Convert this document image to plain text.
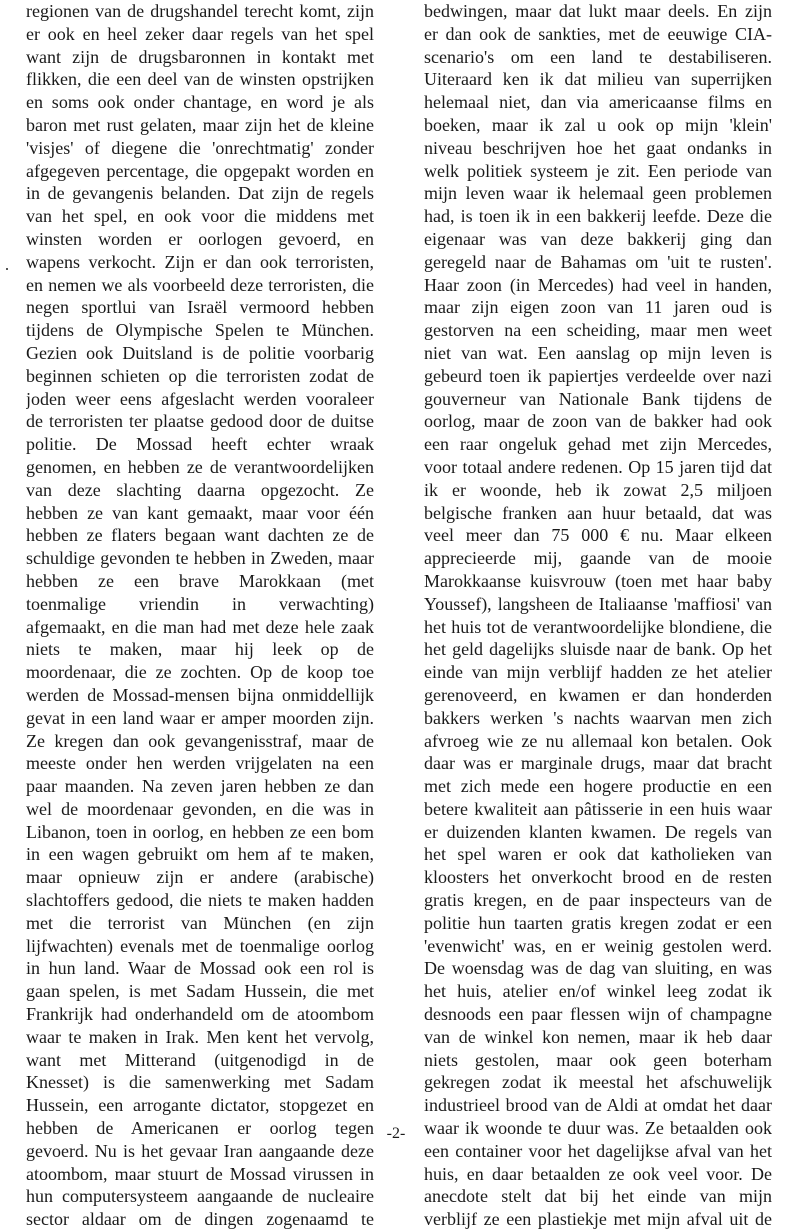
regionen van de drugshandel terecht komt, zijn
er ook en heel zeker daar regels van het spel
want zijn de drugsbaronnen in kontakt met
flikken, die een deel van de winsten opstrijken
en soms ook onder chantage, en word je als
baron met rust gelaten, maar zijn het de kleine
'visjes' of diegene die 'onrechtmatig' zonder
afgegeven percentage, die opgepakt worden en
in de gevangenis belanden. Dat zijn de regels
van het spel, en ook voor die middens met
winsten worden er oorlogen gevoerd, en
wapens verkocht. Zijn er dan ook terroristen,
en nemen we als voorbeeld deze terroristen, die
negen sportlui van Israël vermoord hebben
tijdens de Olympische Spelen te München.
Gezien ook Duitsland is de politie voorbarig
beginnen schieten op die terroristen zodat de
joden weer eens afgeslacht werden vooraleer
de terroristen ter plaatse gedood door de duitse
politie. De Mossad heeft echter wraak
genomen, en hebben ze de verantwoordelijken
van deze slachting daarna opgezocht. Ze
hebben ze van kant gemaakt, maar voor één
hebben ze flaters begaan want dachten ze de
schuldige gevonden te hebben in Zweden, maar
hebben ze een brave Marokkaan (met
toenmalige vriendin in verwachting)
afgemaakt, en die man had met deze hele zaak
niets te maken, maar hij leek op de
moordenaar, die ze zochten. Op de koop toe
werden de Mossad-mensen bijna onmiddellijk
gevat in een land waar er amper moorden zijn.
Ze kregen dan ook gevangenisstraf, maar de
meeste onder hen werden vrijgelaten na een
paar maanden. Na zeven jaren hebben ze dan
wel de moordenaar gevonden, en die was in
Libanon, toen in oorlog, en hebben ze een bom
in een wagen gebruikt om hem af te maken,
maar opnieuw zijn er andere (arabische)
slachtoffers gedood, die niets te maken hadden
met die terrorist van München (en zijn
lijfwachten) evenals met de toenmalige oorlog
in hun land. Waar de Mossad ook een rol is
gaan spelen, is met Sadam Hussein, die met
Frankrijk had onderhandeld om de atoombom
waar te maken in Irak. Men kent het vervolg,
want met Mitterand (uitgenodigd in de
Knesset) is die samenwerking met Sadam
Hussein, een arrogante dictator, stopgezet en
hebben de Americanen er oorlog tegen
gevoerd. Nu is het gevaar Iran aangaande deze
atoombom, maar stuurt de Mossad virussen in
hun computersysteem aangaande de nucleaire
sector aldaar om de dingen zogenaamd te
bedwingen, maar dat lukt maar deels. En zijn
er dan ook de sankties, met de eeuwige CIA-
scenario's om een land te destabiliseren.
Uiteraard ken ik dat milieu van superrijken
helemaal niet, dan via americaanse films en
boeken, maar ik zal u ook op mijn 'klein'
niveau beschrijven hoe het gaat ondanks in
welk politiek systeem je zit. Een periode van
mijn leven waar ik helemaal geen problemen
had, is toen ik in een bakkerij leefde. Deze die
eigenaar was van deze bakkerij ging dan
geregeld naar de Bahamas om 'uit te rusten'.
Haar zoon (in Mercedes) had veel in handen,
maar zijn eigen zoon van 11 jaren oud is
gestorven na een scheiding, maar men weet
niet van wat. Een aanslag op mijn leven is
gebeurd toen ik papiertjes verdeelde over nazi
gouverneur van Nationale Bank tijdens de
oorlog, maar de zoon van de bakker had ook
een raar ongeluk gehad met zijn Mercedes,
voor totaal andere redenen. Op 15 jaren tijd dat
ik er woonde, heb ik zowat 2,5 miljoen
belgische franken aan huur betaald, dat was
veel meer dan 75 000 € nu. Maar elkeen
apprecieerde mij, gaande van de mooie
Marokkaanse kuisvrouw (toen met haar baby
Youssef), langsheen de Italiaanse 'maffiosi' van
het huis tot de verantwoordelijke blondiene, die
het geld dagelijks sluisde naar de bank. Op het
einde van mijn verblijf hadden ze het atelier
gerenoveerd, en kwamen er dan honderden
bakkers werken 's nachts waarvan men zich
afvroeg wie ze nu allemaal kon betalen. Ook
daar was er marginale drugs, maar dat bracht
met zich mede een hogere productie en een
betere kwaliteit aan pâtisserie in een huis waar
er duizenden klanten kwamen. De regels van
het spel waren er ook dat katholieken van
kloosters het onverkocht brood en de resten
gratis kregen, en de paar inspecteurs van de
politie hun taarten gratis kregen zodat er een
'evenwicht' was, en er weinig gestolen werd.
De woensdag was de dag van sluiting, en was
het huis, atelier en/of winkel leeg zodat ik
desnoods een paar flessen wijn of champagne
van de winkel kon nemen, maar ik heb daar
niets gestolen, maar ook geen boterham
gekregen zodat ik meestal het afschuwelijk
industrieel brood van de Aldi at omdat het daar
waar ik woonde te duur was. Ze betaalden ook
een container voor het dagelijkse afval van het
huis, en daar betaalden ze ook veel voor. De
anecdote stelt dat bij het einde van mijn
verblijf ze een plastiekje met mijn afval uit de
-2-
